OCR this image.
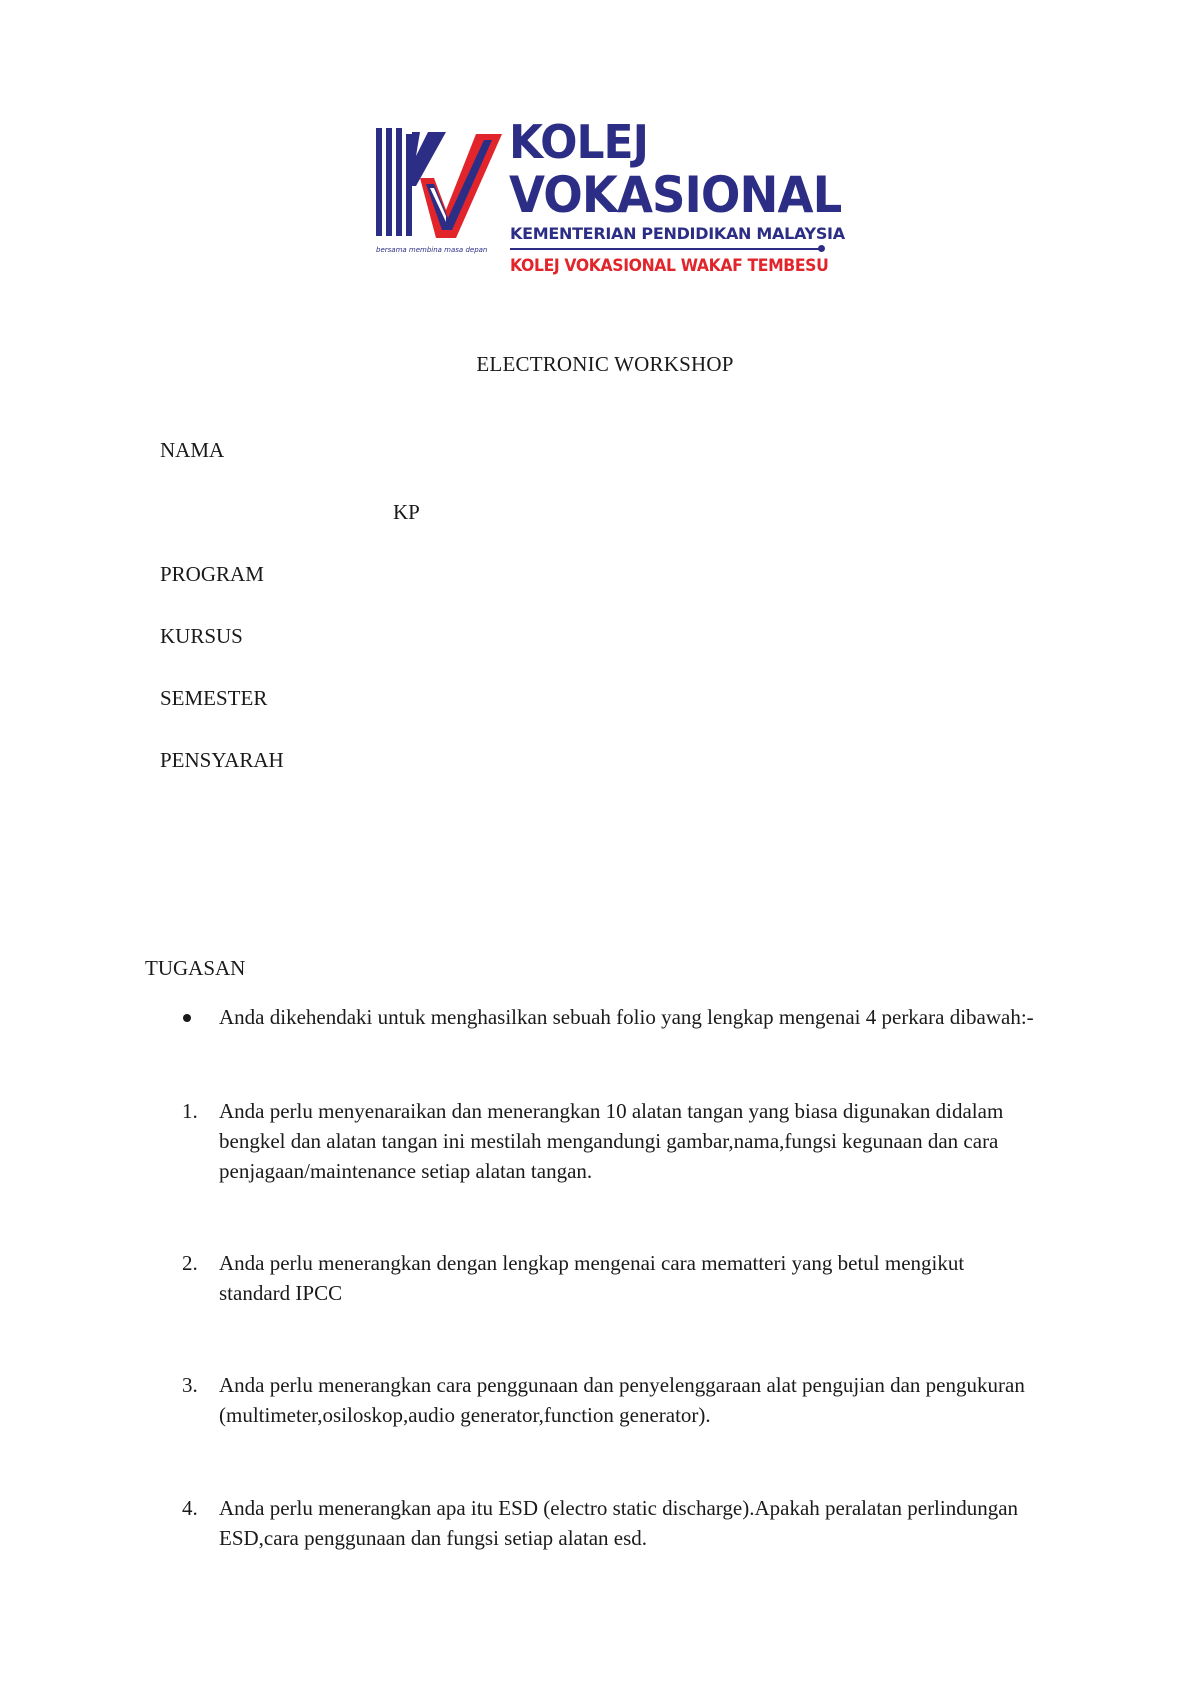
KOLEJ
VOKASIONAL
KEMENTERIAN PENDIDIKAN MALAYSIA
bersama membina masa depan
KOLEJ VOKASIONAL WAKAF TEMBESU
ELECTRONIC WORKSHOP
NAMA
KP
PROGRAM
KURSUS
SEMESTER
PENSYARAH
TUGASAN
Anda dikehendaki untuk menghasilkan sebuah folio yang lengkap mengenai 4 perkara dibawah:-
1. Anda perlu menyenaraikan dan menerangkan 10 alatan tangan yang biasa digunakan didalam bengkel dan alatan tangan ini mestilah mengandungi gambar,nama,fungsi kegunaan dan cara penjagaan/maintenance setiap alatan tangan.
2. Anda perlu menerangkan dengan lengkap mengenai cara mematteri yang betul mengikut standard IPCC
3. Anda perlu menerangkan cara penggunaan dan penyelenggaraan alat pengujian dan pengukuran (multimeter,osiloskop,audio generator,function generator).
4. Anda perlu menerangkan apa itu ESD (electro static discharge).Apakah peralatan perlindungan ESD,cara penggunaan dan fungsi setiap alatan esd.
